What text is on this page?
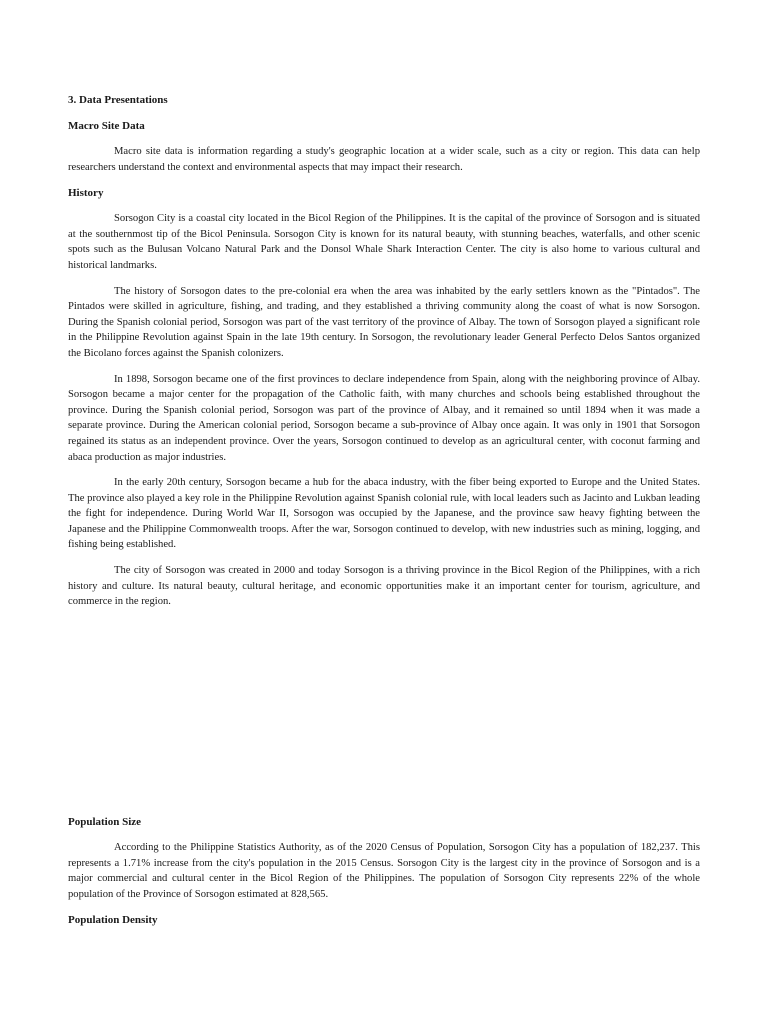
3. Data Presentations
Macro Site Data

Macro site data is information regarding a study's geographic location at a wider scale, such as a city or region. This data can help researchers understand the context and environmental aspects that may impact their research.

History

Sorsogon City is a coastal city located in the Bicol Region of the Philippines. It is the capital of the province of Sorsogon and is situated at the southernmost tip of the Bicol Peninsula. Sorsogon City is known for its natural beauty, with stunning beaches, waterfalls, and other scenic spots such as the Bulusan Volcano Natural Park and the Donsol Whale Shark Interaction Center. The city is also home to various cultural and historical landmarks.

The history of Sorsogon dates to the pre-colonial era when the area was inhabited by the early settlers known as the "Pintados". The Pintados were skilled in agriculture, fishing, and trading, and they established a thriving community along the coast of what is now Sorsogon. During the Spanish colonial period, Sorsogon was part of the vast territory of the province of Albay. The town of Sorsogon played a significant role in the Philippine Revolution against Spain in the late 19th century. In Sorsogon, the revolutionary leader General Perfecto Delos Santos organized the Bicolano forces against the Spanish colonizers.

In 1898, Sorsogon became one of the first provinces to declare independence from Spain, along with the neighboring province of Albay. Sorsogon became a major center for the propagation of the Catholic faith, with many churches and schools being established throughout the province. During the Spanish colonial period, Sorsogon was part of the province of Albay, and it remained so until 1894 when it was made a separate province. During the American colonial period, Sorsogon became a sub-province of Albay once again. It was only in 1901 that Sorsogon regained its status as an independent province. Over the years, Sorsogon continued to develop as an agricultural center, with coconut farming and abaca production as major industries.

In the early 20th century, Sorsogon became a hub for the abaca industry, with the fiber being exported to Europe and the United States. The province also played a key role in the Philippine Revolution against Spanish colonial rule, with local leaders such as Jacinto and Lukban leading the fight for independence. During World War II, Sorsogon was occupied by the Japanese, and the province saw heavy fighting between the Japanese and the Philippine Commonwealth troops. After the war, Sorsogon continued to develop, with new industries such as mining, logging, and fishing being established.

The city of Sorsogon was created in 2000 and today Sorsogon is a thriving province in the Bicol Region of the Philippines, with a rich history and culture. Its natural beauty, cultural heritage, and economic opportunities make it an important center for tourism, agriculture, and commerce in the region.

Population Size

According to the Philippine Statistics Authority, as of the 2020 Census of Population, Sorsogon City has a population of 182,237. This represents a 1.71% increase from the city's population in the 2015 Census. Sorsogon City is the largest city in the province of Sorsogon and is a major commercial and cultural center in the Bicol Region of the Philippines. The population of Sorsogon City represents 22% of the whole population of the Province of Sorsogon estimated at 828,565.

Population Density
